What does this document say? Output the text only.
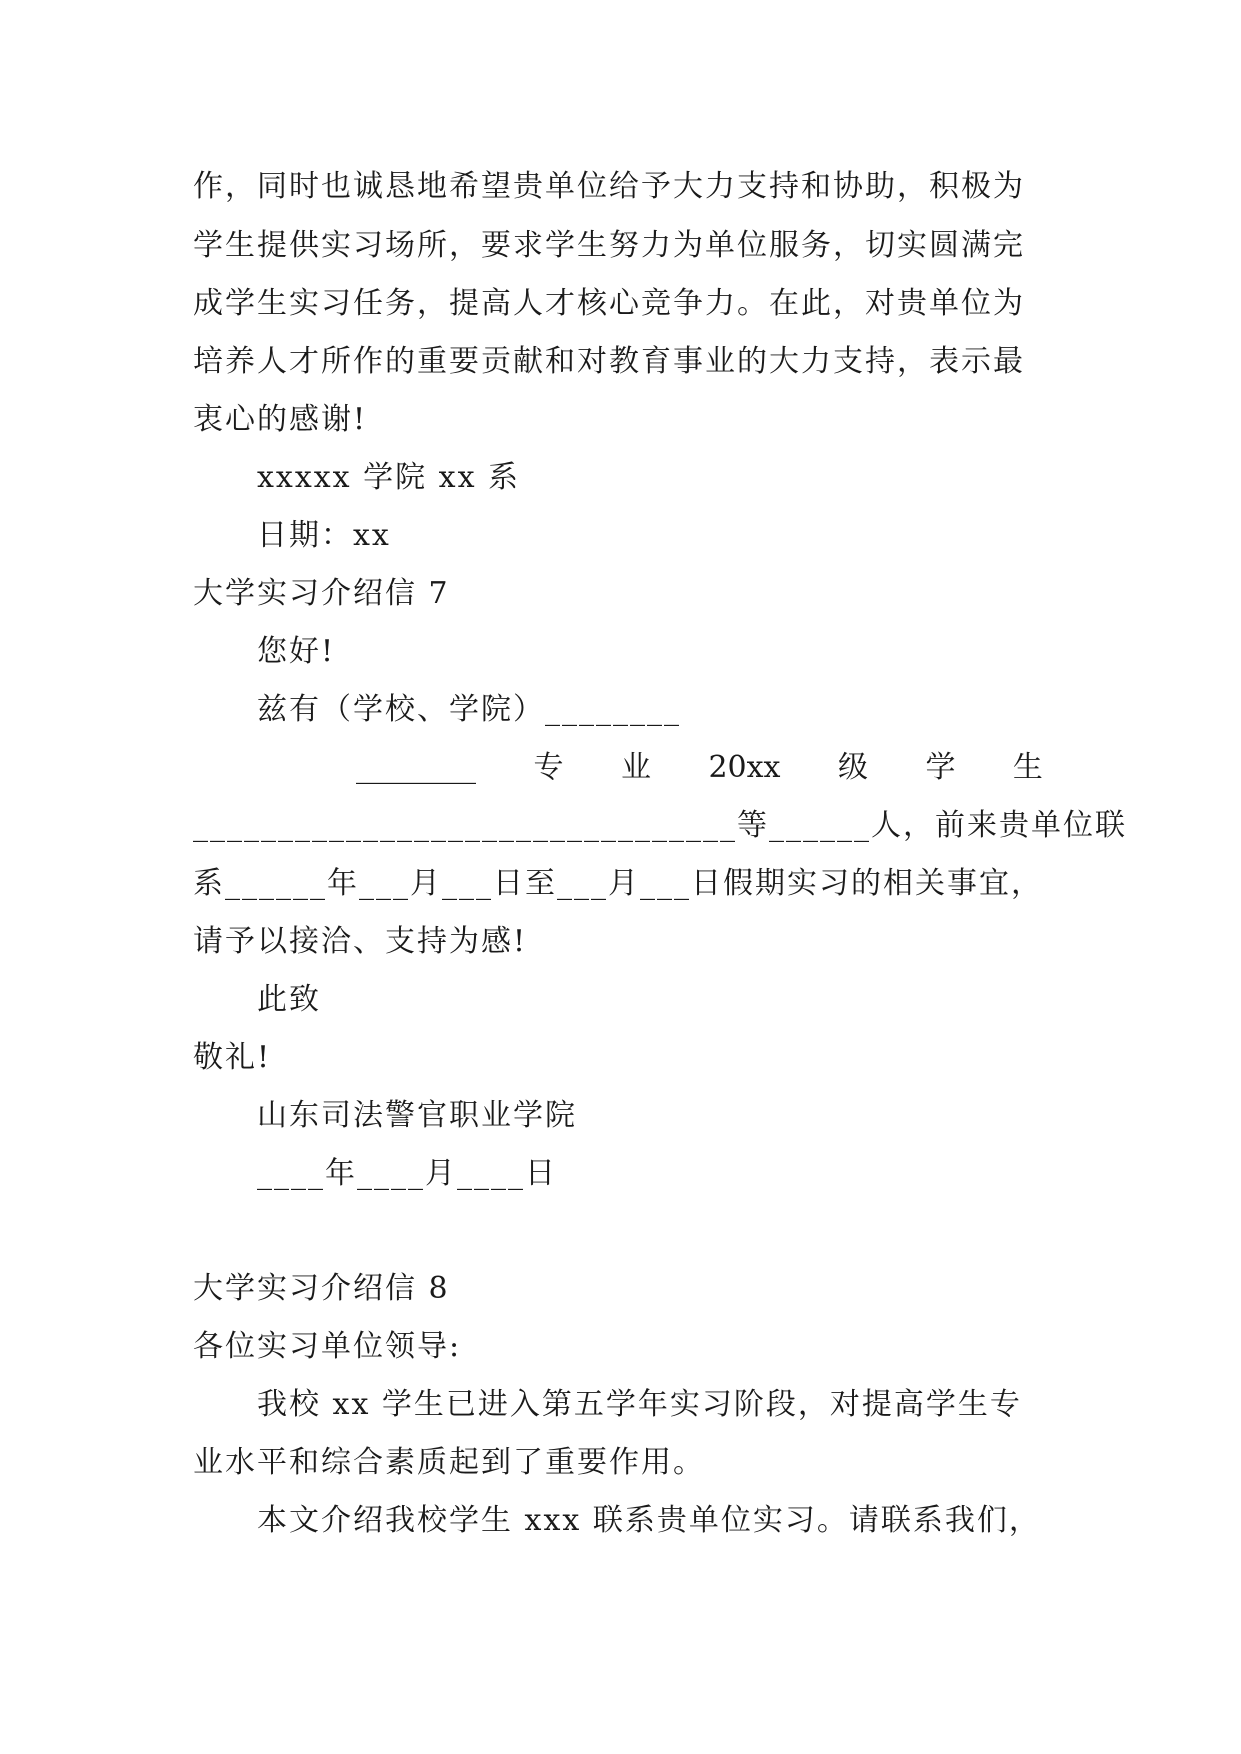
作，同时也诚恳地希望贵单位给予大力支持和协助，积极为
学生提供实习场所，要求学生努力为单位服务，切实圆满完
成学生实习任务，提高人才核心竞争力。在此，对贵单位为
培养人才所作的重要贡献和对教育事业的大力支持，表示最
衷心的感谢!
xxxxx 学院 xx 系
日期：xx
大学实习介绍信 7
您好!
兹有（学校、学院）________
________ 专 业 20xx 级 学 生
________________________________等______人，前来贵单位联
系______年___月___日至___月___日假期实习的相关事宜，
请予以接洽、支持为感!
此致
敬礼!
山东司法警官职业学院
____年____月____日
大学实习介绍信 8
各位实习单位领导:
我校 xx 学生已进入第五学年实习阶段，对提高学生专
业水平和综合素质起到了重要作用。
本文介绍我校学生 xxx 联系贵单位实习。请联系我们，
